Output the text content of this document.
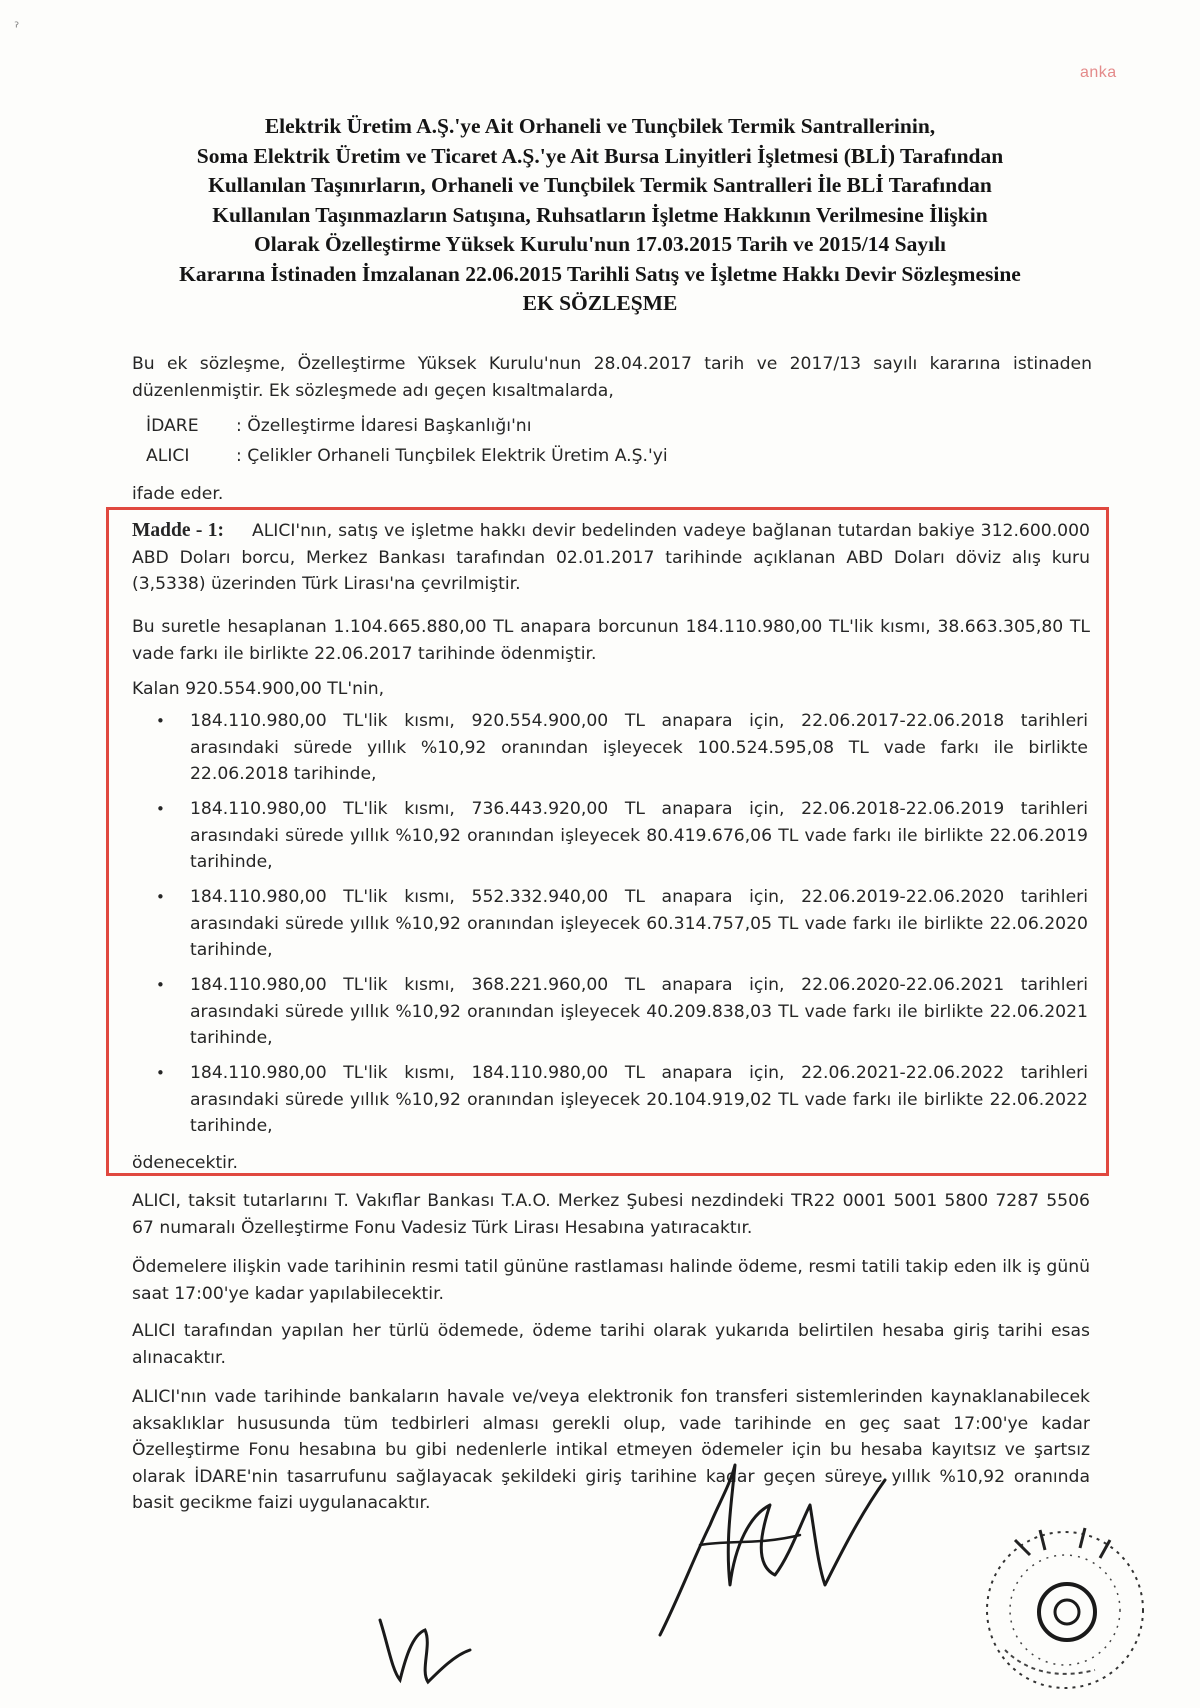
ˀ
anka
Elektrik Üretim A.Ş.'ye Ait Orhaneli ve Tunçbilek Termik Santrallerinin,
Soma Elektrik Üretim ve Ticaret A.Ş.'ye Ait Bursa Linyitleri İşletmesi (BLİ) Tarafından
Kullanılan Taşınırların, Orhaneli ve Tunçbilek Termik Santralleri İle BLİ Tarafından
Kullanılan Taşınmazların Satışına, Ruhsatların İşletme Hakkının Verilmesine İlişkin
Olarak Özelleştirme Yüksek Kurulu'nun 17.03.2015 Tarih ve 2015/14 Sayılı
Kararına İstinaden İmzalanan 22.06.2015 Tarihli Satış ve İşletme Hakkı Devir Sözleşmesine
EK SÖZLEŞME
Bu ek sözleşme, Özelleştirme Yüksek Kurulu'nun 28.04.2017 tarih ve 2017/13 sayılı kararına istinaden düzenlenmiştir. Ek sözleşmede adı geçen kısaltmalarda,
İDARE : Özelleştirme İdaresi Başkanlığı'nı
ALICI	: Çelikler Orhaneli Tunçbilek Elektrik Üretim A.Ş.'yi
ifade eder.
Madde - 1: ALICI'nın, satış ve işletme hakkı devir bedelinden vadeye bağlanan tutardan bakiye 312.600.000 ABD Doları borcu, Merkez Bankası tarafından 02.01.2017 tarihinde açıklanan ABD Doları döviz alış kuru (3,5338) üzerinden Türk Lirası'na çevrilmiştir.
Bu suretle hesaplanan 1.104.665.880,00 TL anapara borcunun 184.110.980,00 TL'lik kısmı, 38.663.305,80 TL vade farkı ile birlikte 22.06.2017 tarihinde ödenmiştir.
Kalan 920.554.900,00 TL'nin,
• 184.110.980,00 TL'lik kısmı, 920.554.900,00 TL anapara için, 22.06.2017-22.06.2018 tarihleri arasındaki sürede yıllık %10,92 oranından işleyecek 100.524.595,08 TL vade farkı ile birlikte 22.06.2018 tarihinde,
• 184.110.980,00 TL'lik kısmı, 736.443.920,00 TL anapara için, 22.06.2018-22.06.2019 tarihleri arasındaki sürede yıllık %10,92 oranından işleyecek 80.419.676,06 TL vade farkı ile birlikte 22.06.2019 tarihinde,
• 184.110.980,00 TL'lik kısmı, 552.332.940,00 TL anapara için, 22.06.2019-22.06.2020 tarihleri arasındaki sürede yıllık %10,92 oranından işleyecek 60.314.757,05 TL vade farkı ile birlikte 22.06.2020 tarihinde,
• 184.110.980,00 TL'lik kısmı, 368.221.960,00 TL anapara için, 22.06.2020-22.06.2021 tarihleri arasındaki sürede yıllık %10,92 oranından işleyecek 40.209.838,03 TL vade farkı ile birlikte 22.06.2021 tarihinde,
• 184.110.980,00 TL'lik kısmı, 184.110.980,00 TL anapara için, 22.06.2021-22.06.2022 tarihleri arasındaki sürede yıllık %10,92 oranından işleyecek 20.104.919,02 TL vade farkı ile birlikte 22.06.2022 tarihinde,
ödenecektir.
ALICI, taksit tutarlarını T. Vakıflar Bankası T.A.O. Merkez Şubesi nezdindeki TR22 0001 5001 5800 7287 5506 67 numaralı Özelleştirme Fonu Vadesiz Türk Lirası Hesabına yatıracaktır.
Ödemelere ilişkin vade tarihinin resmi tatil gününe rastlaması halinde ödeme, resmi tatili takip eden ilk iş günü saat 17:00'ye kadar yapılabilecektir.
ALICI tarafından yapılan her türlü ödemede, ödeme tarihi olarak yukarıda belirtilen hesaba giriş tarihi esas alınacaktır.
ALICI'nın vade tarihinde bankaların havale ve/veya elektronik fon transferi sistemlerinden kaynaklanabilecek aksaklıklar hususunda tüm tedbirleri alması gerekli olup, vade tarihinde en geç saat 17:00'ye kadar Özelleştirme Fonu hesabına bu gibi nedenlerle intikal etmeyen ödemeler için bu hesaba kayıtsız ve şartsız olarak İDARE'nin tasarrufunu sağlayacak şekildeki giriş tarihine kadar geçen süreye yıllık %10,92 oranında basit gecikme faizi uygulanacaktır.
